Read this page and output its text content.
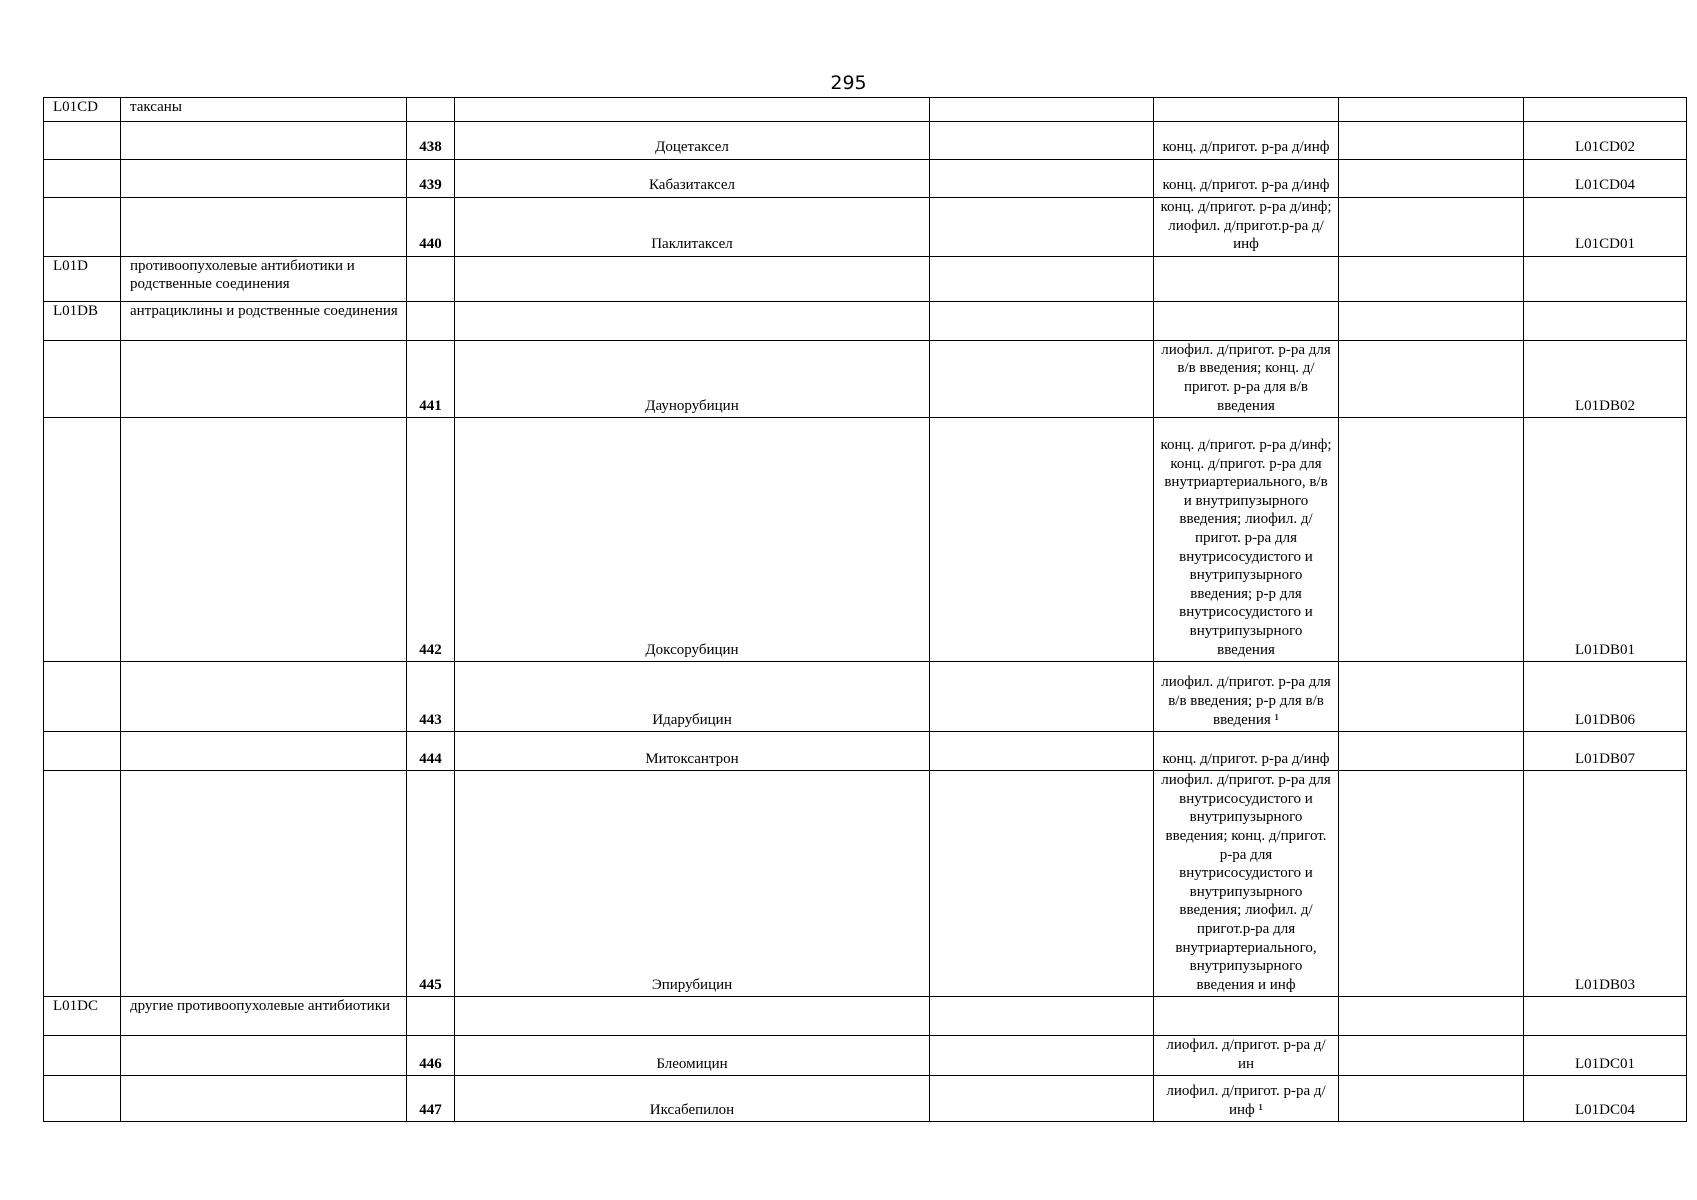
295
L01CD	таксаны						
		438	Доцетаксел		конц. д/пригот. р-ра д/инф		L01CD02
		439	Кабазитаксел		конц. д/пригот. р-ра д/инф		L01CD04
		440	Паклитаксел		конц. д/пригот. р-ра д/инф; лиофил. д/пригот.р-ра д/инф		L01CD01
L01D	противоопухолевые антибиотики и родственные соединения						
L01DB	антрациклины и родственные соединения						
		441	Даунорубицин		лиофил. д/пригот. р-ра для в/в введения; конц. д/пригот. р-ра для в/в введения		L01DB02
		442	Доксорубицин		конц. д/пригот. р-ра д/инф; конц. д/пригот. р-ра для внутриартериального, в/в и внутрипузырного введения; лиофил. д/пригот. р-ра для внутрисосудистого и внутрипузырного введения; р-р для внутрисосудистого и внутрипузырного введения		L01DB01
		443	Идарубицин		лиофил. д/пригот. р-ра для в/в введения; р-р для в/в введения ¹		L01DB06
		444	Митоксантрон		конц. д/пригот. р-ра д/инф		L01DB07
		445	Эпирубицин		лиофил. д/пригот. р-ра для внутрисосудистого и внутрипузырного введения; конц. д/пригот. р-ра для внутрисосудистого и внутрипузырного введения; лиофил. д/пригот.р-ра для внутриартериального, внутрипузырного введения и инф		L01DB03
L01DC	другие противоопухолевые антибиотики						
		446	Блеомицин		лиофил. д/пригот. р-ра д/ин		L01DC01
		447	Иксабепилон		лиофил. д/пригот. р-ра д/инф ¹		L01DC04
